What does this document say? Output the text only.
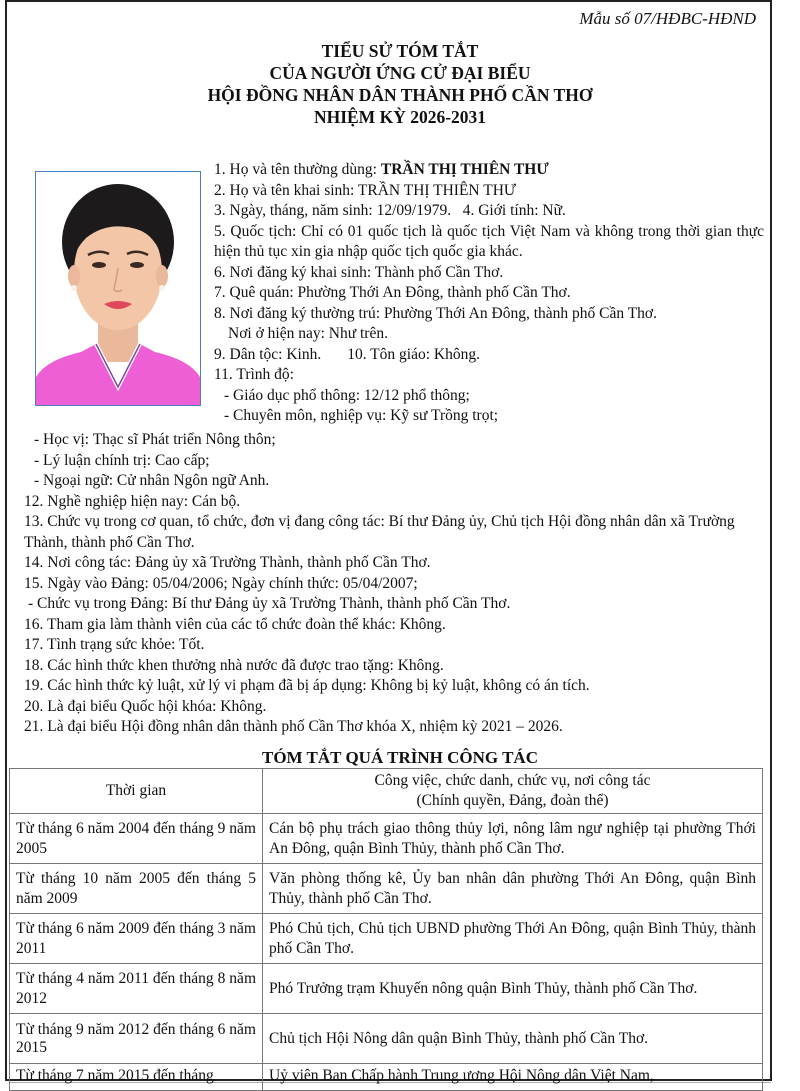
Mẫu số 07/HĐBC-HĐND
TIỂU SỬ TÓM TẮT
CỦA NGƯỜI ỨNG CỬ ĐẠI BIỂU
HỘI ĐỒNG NHÂN DÂN THÀNH PHỐ CẦN THƠ
NHIỆM KỲ 2026-2031
1. Họ và tên thường dùng: TRẦN THỊ THIÊN THƯ
2. Họ và tên khai sinh: TRẦN THỊ THIÊN THƯ
3. Ngày, tháng, năm sinh: 12/09/1979. 4. Giới tính: Nữ.
5. Quốc tịch: Chỉ có 01 quốc tịch là quốc tịch Việt Nam và không trong thời gian thực hiện thủ tục xin gia nhập quốc tịch quốc gia khác.
6. Nơi đăng ký khai sinh: Thành phố Cần Thơ.
7. Quê quán: Phường Thới An Đông, thành phố Cần Thơ.
8. Nơi đăng ký thường trú: Phường Thới An Đông, thành phố Cần Thơ.
Nơi ở hiện nay: Như trên.
9. Dân tộc: Kinh. 10. Tôn giáo: Không.
11. Trình độ:
- Giáo dục phổ thông: 12/12 phổ thông;
- Chuyên môn, nghiệp vụ: Kỹ sư Trồng trọt;
- Học vị: Thạc sĩ Phát triển Nông thôn;
- Lý luận chính trị: Cao cấp;
- Ngoại ngữ: Cử nhân Ngôn ngữ Anh.
12. Nghề nghiệp hiện nay: Cán bộ.
13. Chức vụ trong cơ quan, tổ chức, đơn vị đang công tác: Bí thư Đảng ủy, Chủ tịch Hội đồng nhân dân xã Trường Thành, thành phố Cần Thơ.
14. Nơi công tác: Đảng ủy xã Trường Thành, thành phố Cần Thơ.
15. Ngày vào Đảng: 05/04/2006; Ngày chính thức: 05/04/2007;
- Chức vụ trong Đảng: Bí thư Đảng ủy xã Trường Thành, thành phố Cần Thơ.
16. Tham gia làm thành viên của các tổ chức đoàn thể khác: Không.
17. Tình trạng sức khỏe: Tốt.
18. Các hình thức khen thưởng nhà nước đã được trao tặng: Không.
19. Các hình thức kỷ luật, xử lý vi phạm đã bị áp dụng: Không bị kỷ luật, không có án tích.
20. Là đại biểu Quốc hội khóa: Không.
21. Là đại biểu Hội đồng nhân dân thành phố Cần Thơ khóa X, nhiệm kỳ 2021 – 2026.
TÓM TẮT QUÁ TRÌNH CÔNG TÁC
Thời gian	Công việc, chức danh, chức vụ, nơi công tác
(Chính quyền, Đảng, đoàn thể)

Từ tháng 6 năm 2004 đến tháng 9 năm 2005	Cán bộ phụ trách giao thông thủy lợi, nông lâm ngư nghiệp tại phường Thới An Đông, quận Bình Thủy, thành phố Cần Thơ.
Từ tháng 10 năm 2005 đến tháng 5 năm 2009	Văn phòng thống kê, Ủy ban nhân dân phường Thới An Đông, quận Bình Thủy, thành phố Cần Thơ.
Từ tháng 6 năm 2009 đến tháng 3 năm 2011	Phó Chủ tịch, Chủ tịch UBND phường Thới An Đông, quận Bình Thủy, thành phố Cần Thơ.
Từ tháng 4 năm 2011 đến tháng 8 năm 2012	Phó Trưởng trạm Khuyến nông quận Bình Thủy, thành phố Cần Thơ.
Từ tháng 9 năm 2012 đến tháng 6 năm 2015	Chủ tịch Hội Nông dân quận Bình Thủy, thành phố Cần Thơ.
Từ tháng 7 năm 2015 đến tháng	Uỷ viên Ban Chấp hành Trung ương Hội Nông dân Việt Nam,
